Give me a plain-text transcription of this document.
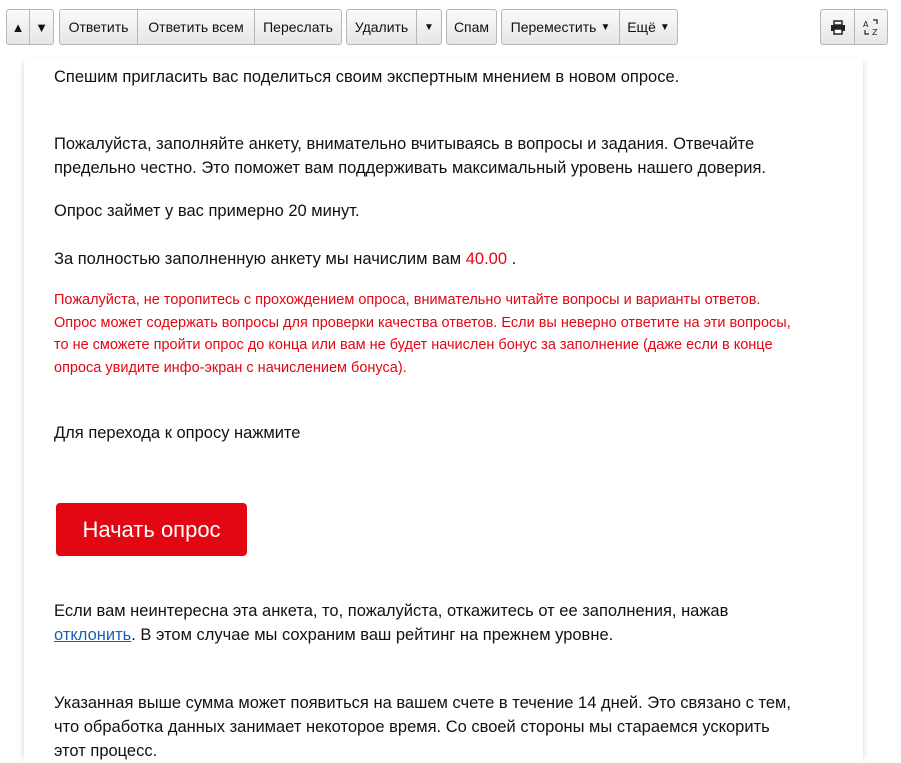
▲ ▼	Ответить	Ответить всем	Переслать	Удалить	▼	Спам	Переместить ▼ Ещё ▼	A
Z

Спешим пригласить вас поделиться своим экспертным мнением в новом опросе.

Пожалуйста, заполняйте анкету, внимательно вчитываясь в вопросы и задания. Отвечайте

предельно честно. Это поможет вам поддерживать максимальный уровень нашего доверия.

Опрос займет у вас примерно 20 минут.

За полностью заполненную анкету мы начислим вам 40.00 .

Пожалуйста, не торопитесь с прохождением опроса, внимательно читайте вопросы и варианты ответов.

Опрос может содержать вопросы для проверки качества ответов. Если вы неверно ответите на эти вопросы,

то не сможете пройти опрос до конца или вам не будет начислен бонус за заполнение (даже если в конце

опроса увидите инфо-экран с начислением бонуса).

Для перехода к опросу нажмите

Начать опрос

Если вам неинтересна эта анкета, то, пожалуйста, откажитесь от ее заполнения, нажав

отклонить. В этом случае мы сохраним ваш рейтинг на прежнем уровне.

Указанная выше сумма может появиться на вашем счете в течение 14 дней. Это связано с тем,

что обработка данных занимает некоторое время. Со своей стороны мы стараемся ускорить

этот процесс.
